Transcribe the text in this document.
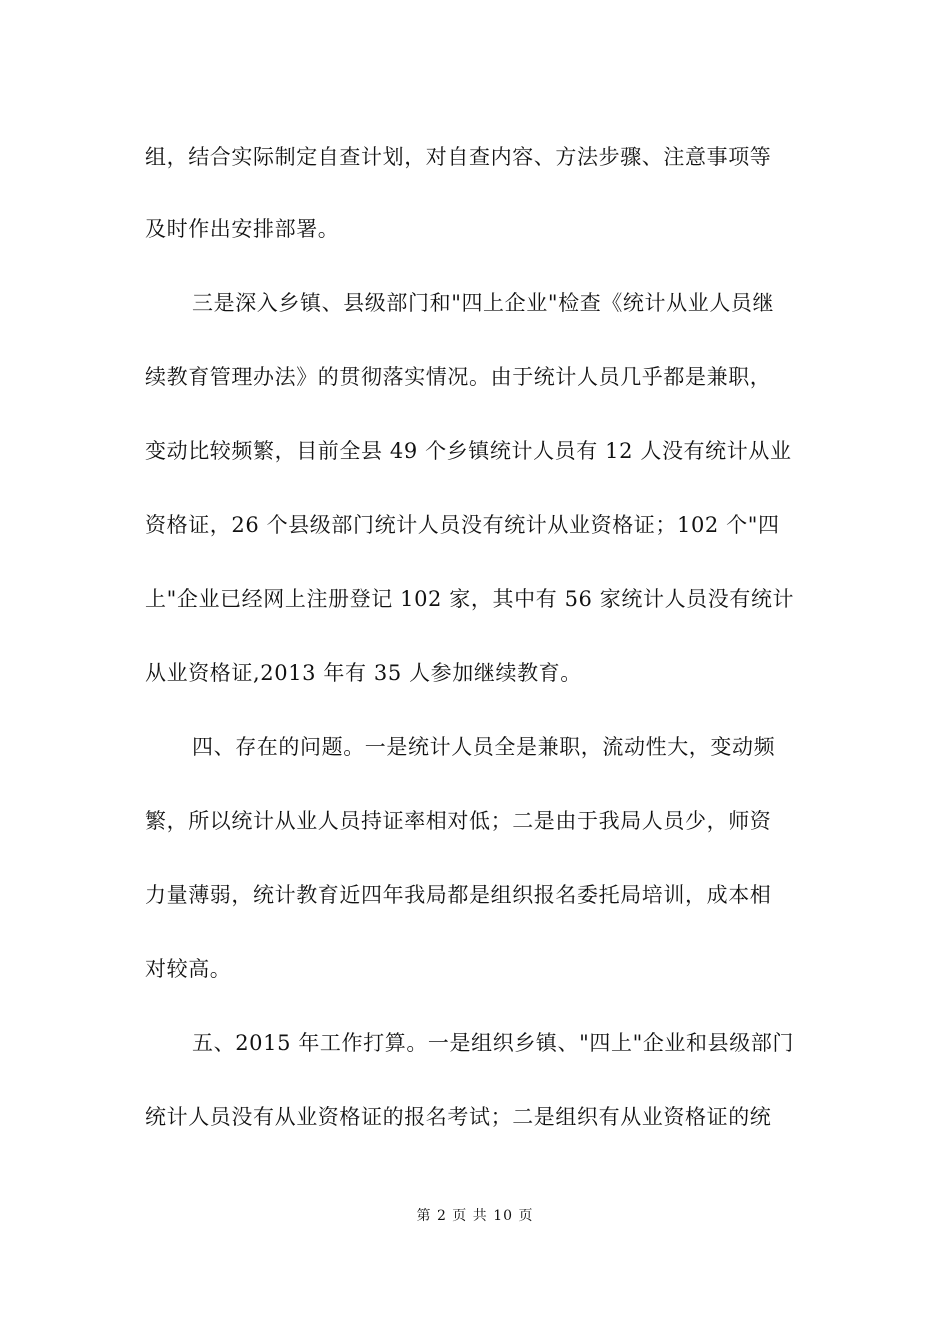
组，结合实际制定自查计划，对自查内容、方法步骤、注意事项等
及时作出安排部署。
三是深入乡镇、县级部门和"四上企业"检查《统计从业人员继
续教育管理办法》的贯彻落实情况。由于统计人员几乎都是兼职，
变动比较频繁，目前全县 49 个乡镇统计人员有 12 人没有统计从业
资格证，26 个县级部门统计人员没有统计从业资格证；102 个"四
上"企业已经网上注册登记 102 家，其中有 56 家统计人员没有统计
从业资格证,2013 年有 35 人参加继续教育。
四、存在的问题。一是统计人员全是兼职，流动性大，变动频
繁，所以统计从业人员持证率相对低；二是由于我局人员少，师资
力量薄弱，统计教育近四年我局都是组织报名委托局培训，成本相
对较高。
五、2015 年工作打算。一是组织乡镇、"四上"企业和县级部门
统计人员没有从业资格证的报名考试；二是组织有从业资格证的统
第 2 页 共 10 页
